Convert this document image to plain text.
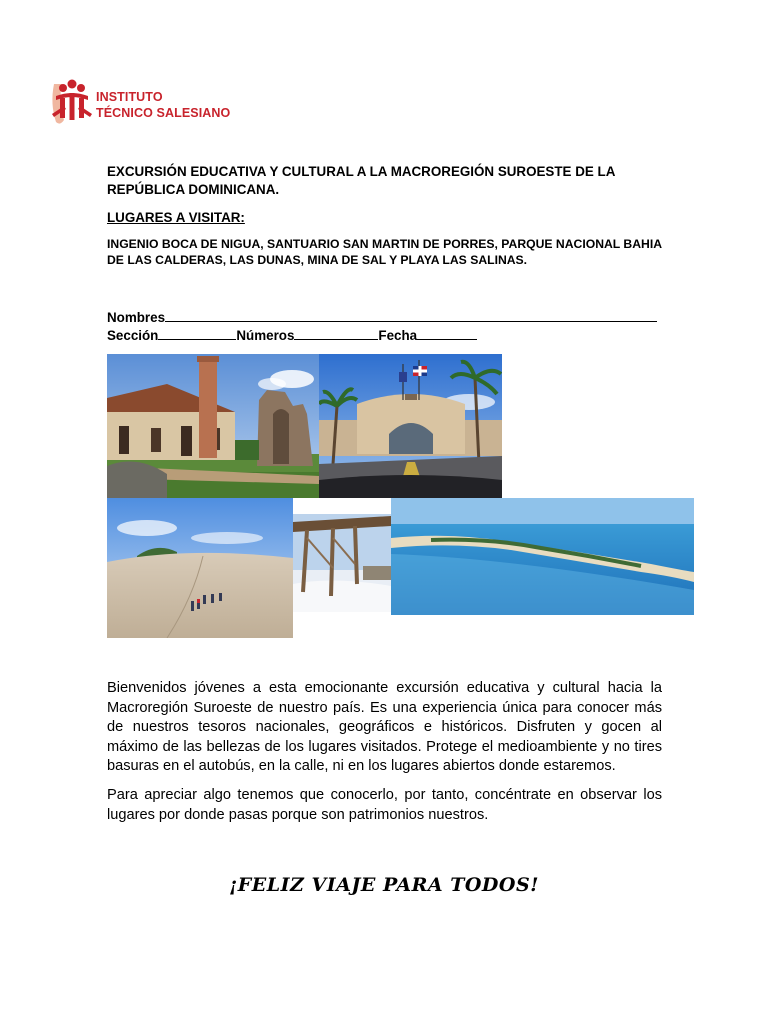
INSTITUTO
TÉCNICO SALESIANO
EXCURSIÓN EDUCATIVA Y CULTURAL A LA MACROREGIÓN SUROESTE DE LA REPÚBLICA DOMINICANA.
LUGARES A VISITAR:
INGENIO BOCA DE NIGUA, SANTUARIO SAN MARTIN DE PORRES, PARQUE NACIONAL BAHIA DE LAS CALDERAS, LAS DUNAS, MINA DE SAL Y PLAYA LAS SALINAS.
Nombres
Sección	Números	Fecha
Bienvenidos jóvenes a esta emocionante excursión educativa y cultural hacia la Macroregión Suroeste de nuestro país. Es una experiencia única para conocer más de nuestros tesoros nacionales, geográficos e históricos. Disfruten y gocen al máximo de las bellezas de los lugares visitados. Protege el medioambiente y no tires basuras en el autobús, en la calle, ni en los lugares abiertos donde estaremos.
Para apreciar algo tenemos que conocerlo, por tanto, concéntrate en observar los lugares por donde pasas porque son patrimonios nuestros.
¡FELIZ VIAJE PARA TODOS!
